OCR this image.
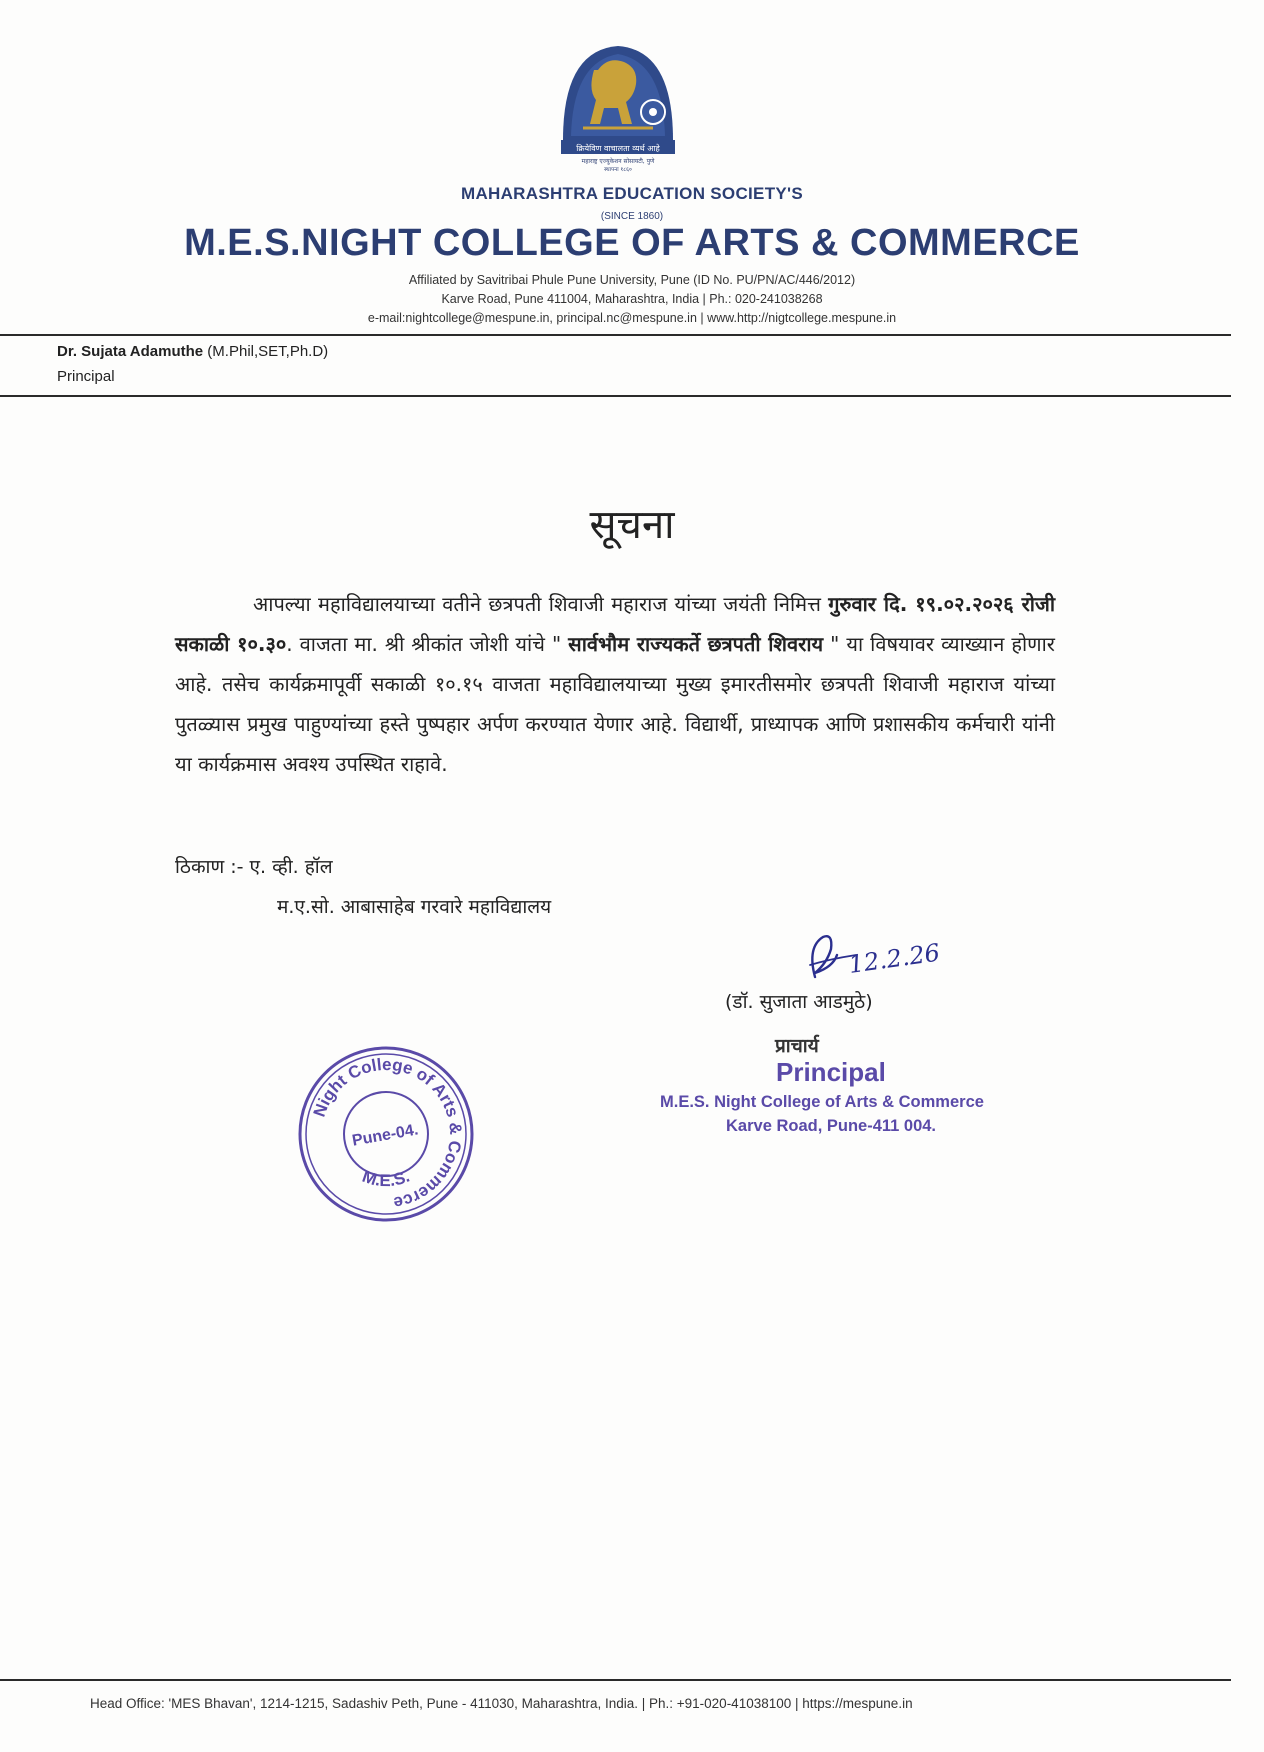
क्रियेविण वाचालता व्यर्थ आहे
महाराष्ट्र एज्युकेशन सोसायटी, पुणे
स्थापना १८६०
MAHARASHTRA EDUCATION SOCIETY'S
(SINCE 1860)
M.E.S.NIGHT COLLEGE OF ARTS & COMMERCE
Affiliated by Savitribai Phule Pune University, Pune (ID No. PU/PN/AC/446/2012)
Karve Road, Pune 411004, Maharashtra, India | Ph.: 020-241038268
e-mail:nightcollege@mespune.in, principal.nc@mespune.in | www.http://nigtcollege.mespune.in
Dr. Sujata Adamuthe (M.Phil,SET,Ph.D)
Principal
सूचना

आपल्या महाविद्यालयाच्या वतीने छत्रपती शिवाजी महाराज यांच्या जयंती निमित्त गुरुवार दि. १९.०२.२०२६ रोजी सकाळी १०.३०. वाजता मा. श्री श्रीकांत जोशी यांचे " सार्वभौम राज्यकर्ते छत्रपती शिवराय " या विषयावर व्याख्यान होणार आहे. तसेच कार्यक्रमापूर्वी सकाळी १०.१५ वाजता महाविद्यालयाच्या मुख्य इमारतीसमोर छत्रपती शिवाजी महाराज यांच्या पुतळ्यास प्रमुख पाहुण्यांच्या हस्ते पुष्पहार अर्पण करण्यात येणार आहे. विद्यार्थी, प्राध्यापक आणि प्रशासकीय कर्मचारी यांनी या कार्यक्रमास अवश्य उपस्थित राहावे.

ठिकाण :- ए. व्ही. हॉल
म.ए.सो. आबासाहेब गरवारे महाविद्यालय
12.2.26
(डॉ. सुजाता आडमुठे)
प्राचार्य
Principal
M.E.S. Night College of Arts & Commerce
Karve Road, Pune-411 004.
Night College of Arts & Commerce
M.E.S.
Pune-04.
Head Office: 'MES Bhavan', 1214-1215, Sadashiv Peth, Pune - 411030, Maharashtra, India. | Ph.: +91-020-41038100 | https://mespune.in
